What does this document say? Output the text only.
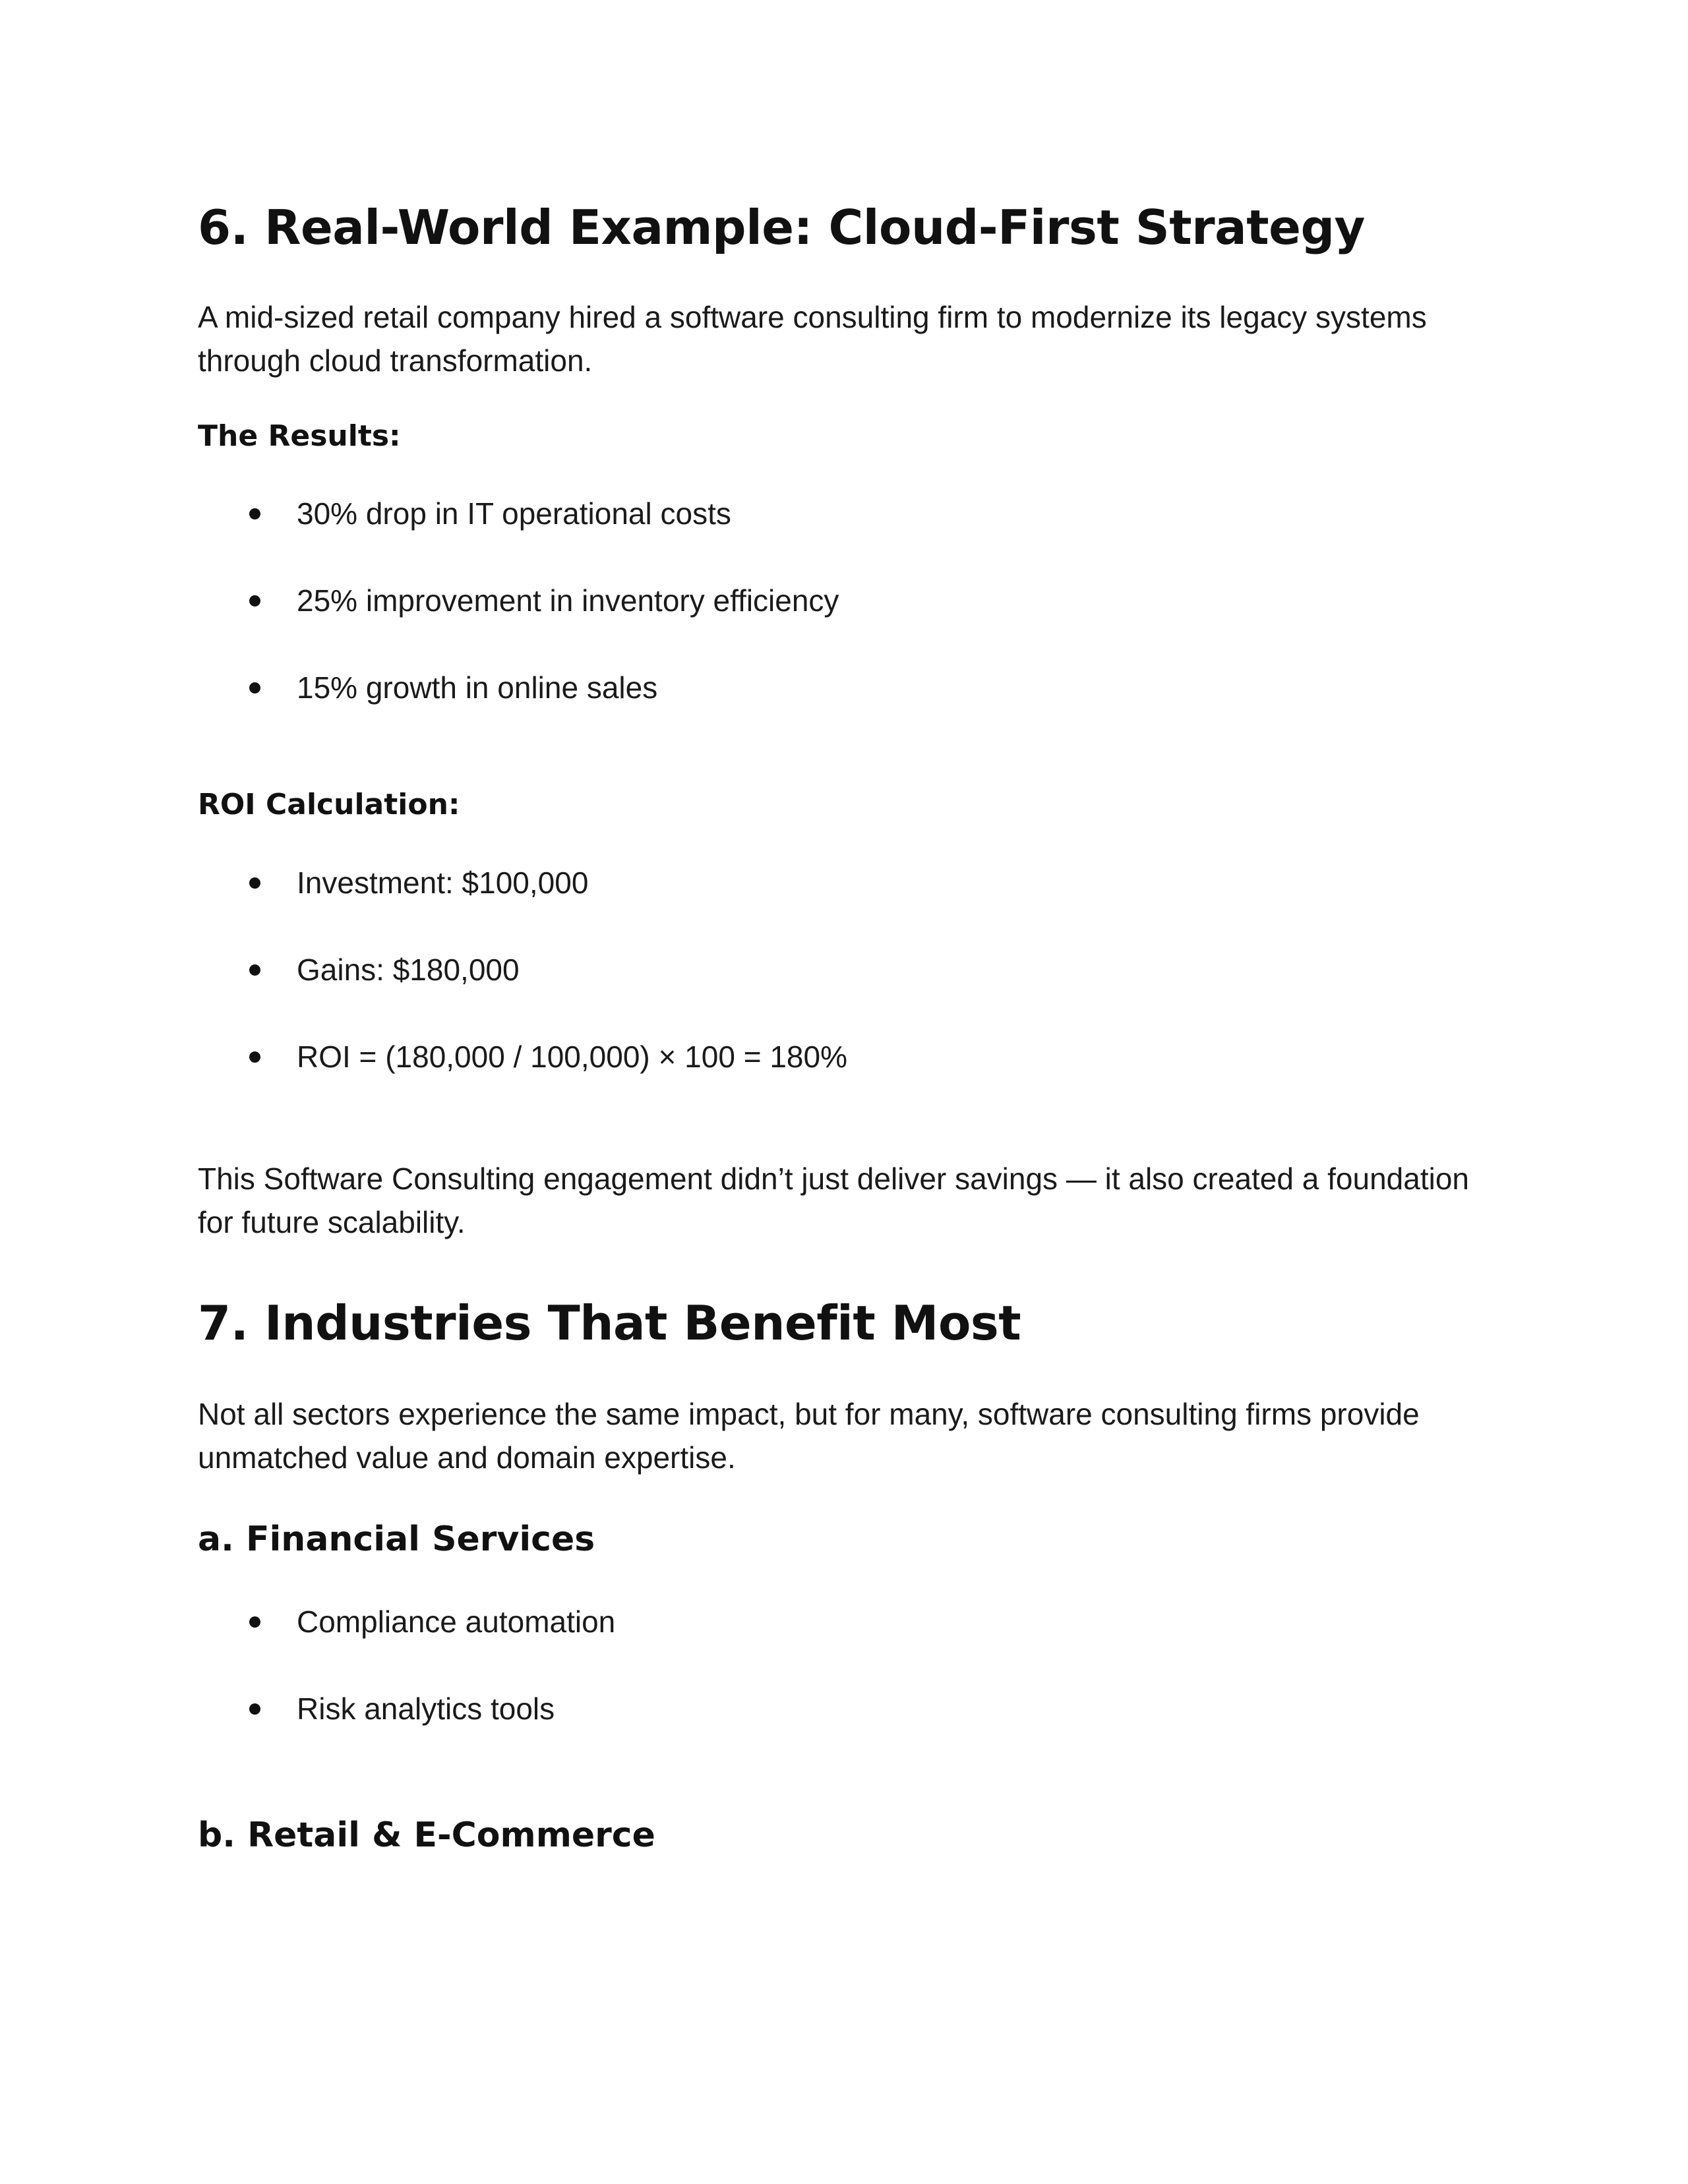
6. Real-World Example: Cloud-First Strategy

A mid-sized retail company hired a software consulting firm to modernize its legacy systems through cloud transformation.

The Results:

30% drop in IT operational costs
25% improvement in inventory efficiency
15% growth in online sales

ROI Calculation:

Investment: $100,000
Gains: $180,000
ROI = (180,000 / 100,000) × 100 = 180%

This Software Consulting engagement didn’t just deliver savings — it also created a foundation for future scalability.

7. Industries That Benefit Most

Not all sectors experience the same impact, but for many, software consulting firms provide unmatched value and domain expertise.

a. Financial Services
Compliance automation
Risk analytics tools
b. Retail & E-Commerce
